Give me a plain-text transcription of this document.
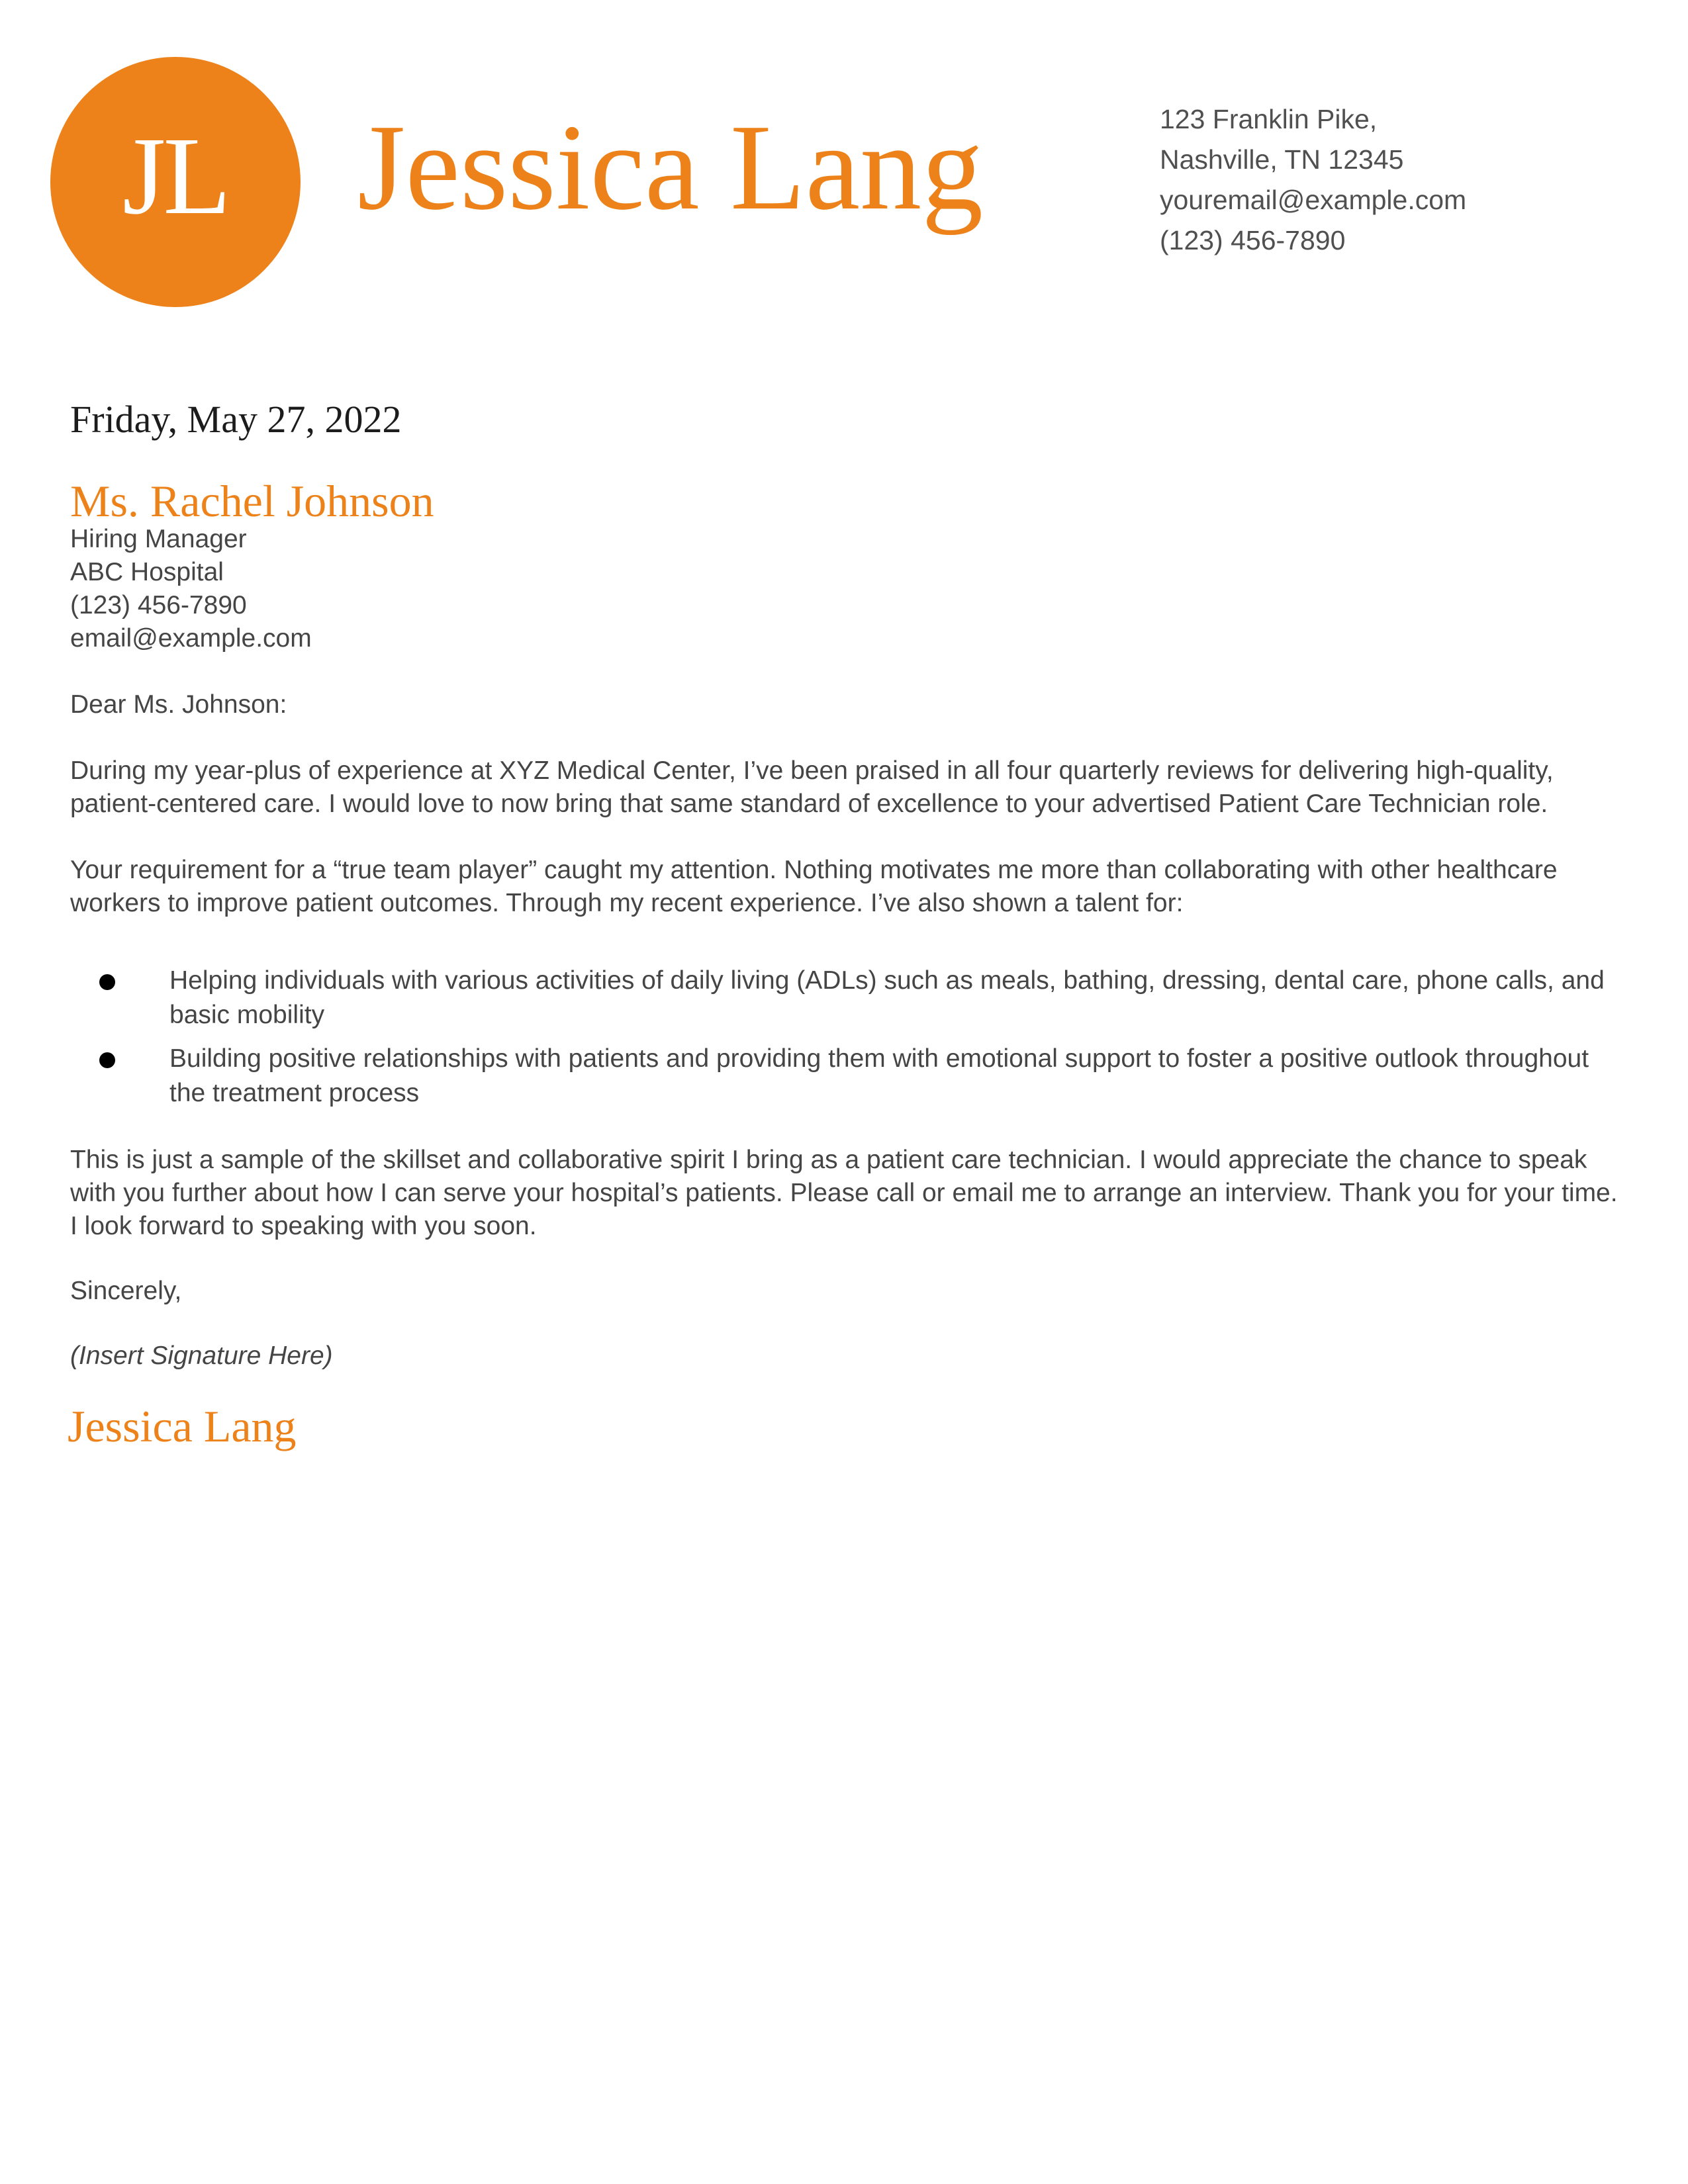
JL Jessica Lang	123 Franklin Pike,
Nashville, TN 12345
youremail@example.com
(123) 456-7890
Friday, May 27, 2022
Ms. Rachel Johnson
Hiring Manager
ABC Hospital
(123) 456-7890
email@example.com
Dear Ms. Johnson:
During my year-plus of experience at XYZ Medical Center, I’ve been praised in all four quarterly reviews for delivering high-quality, patient-centered care. I would love to now bring that same standard of excellence to your advertised Patient Care Technician role.
Your requirement for a “true team player” caught my attention. Nothing motivates me more than collaborating with other healthcare workers to improve patient outcomes. Through my recent experience. I’ve also shown a talent for:
Helping individuals with various activities of daily living (ADLs) such as meals, bathing, dressing, dental care, phone calls, and basic mobility
Building positive relationships with patients and providing them with emotional support to foster a positive outlook throughout the treatment process
This is just a sample of the skillset and collaborative spirit I bring as a patient care technician. I would appreciate the chance to speak with you further about how I can serve your hospital’s patients. Please call or email me to arrange an interview. Thank you for your time. I look forward to speaking with you soon.
Sincerely,
(Insert Signature Here)
Jessica Lang
